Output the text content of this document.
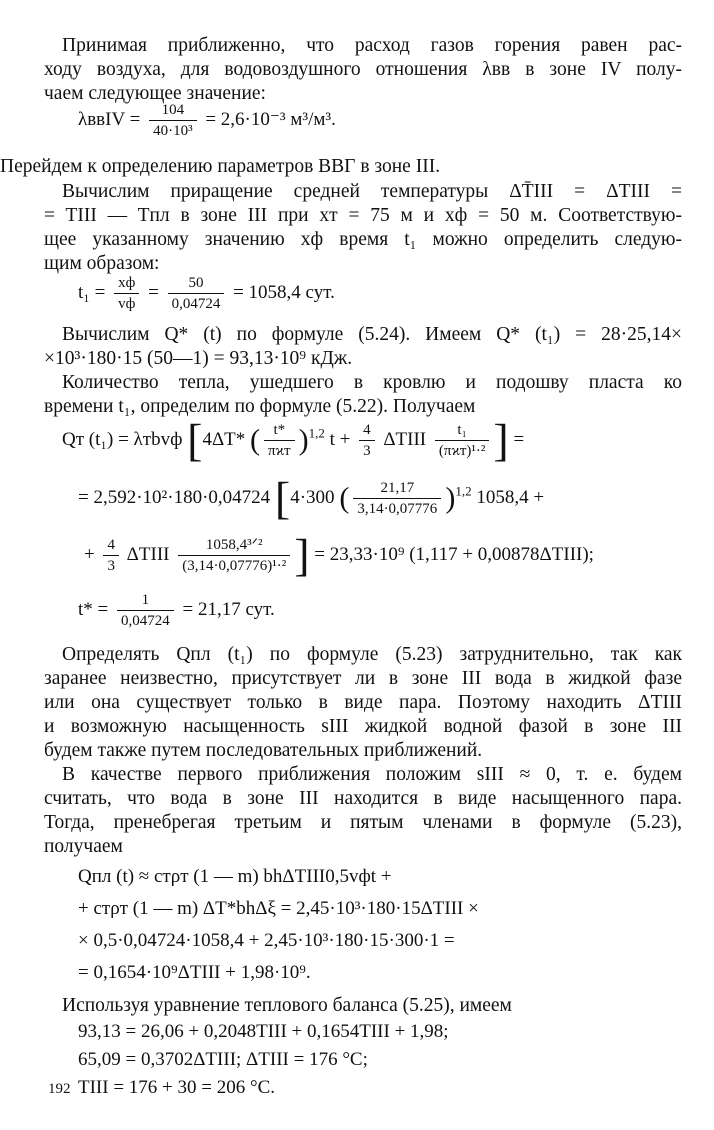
Принимая приближенно, что расход газов горения равен рас-
ходу воздуха, для водовоздушного отношения λвв в зоне IV полу-
чаем следующее значение:
λввIV = $\frac{104}{\text{40·10³}} = 2,6\cdot 10^{-3}$ м³/м³.
Перейдем к определению параметров ВВГ в зоне III.
Вычислим приращение средней температуры ΔT̄III = ΔTIII =
= TIII — Tпл в зоне III при xт = 75 м и xф = 50 м. Соответствую-
щее указанному значению xф время t₁ можно определить следую-
щим образом:
$t_1 = \frac{xф}{vф} = \frac{50}{0,04724} = 1058,4$ сут.
Вычислим Q* (t) по формуле (5.24). Имеем Q* (t₁) = 28·25,14×
×10³·180·15 (50—1) = 93,13·10⁹ кДж.
Количество тепла, ушедшего в кровлю и подошву пласта ко
времени t₁, определим по формуле (5.22). Получаем
Qт (t₁) = λтbvф [4ΔT* ( $\frac{t*}{\text{πϰт}} )^{1,2}$ $t + \frac{4}{3}$ ΔTIII $\frac{\text{t₁}}{\text{(πϰт)¹·²}}$ ] =
= 2,592·10²·180·0,04724 [4·300 ( $\frac{21,17}{3,14\cdot 0,07776} )^{1,2}$ 1058,4 +
+ $\frac{4}{3}$ ΔTIII $\frac{\text{1058,4³ᐟ²}}{\text{(3,14·0,07776)¹·²}}$ ] = 23,33·10⁹ (1,117 + 0,00878ΔTIII);
$t* = \frac{1}{0,04724} = 21,17$ сут.
Определять Qпл (t₁) по формуле (5.23) затруднительно, так как
заранее неизвестно, присутствует ли в зоне III вода в жидкой фазе
или она существует только в виде пара. Поэтому находить ΔTIII
и возможную насыщенность sIII жидкой водной фазой в зоне III
будем также путем последовательных приближений.
В качестве первого приближения положим sIII ≈ 0, т. е. будем
считать, что вода в зоне III находится в виде насыщенного пара.
Тогда, пренебрегая третьим и пятым членами в формуле (5.23),
получаем
Qпл (t) ≈ cтρт (1 — m) bhΔTIII0,5vфt +
+ cтρт (1 — m) ΔT*bhΔξ = 2,45·10³·180·15ΔTIII ×
× 0,5·0,04724·1058,4 + 2,45·10³·180·15·300·1 =
= 0,1654·10⁹ΔTIII + 1,98·10⁹.
Используя уравнение теплового баланса (5.25), имеем
93,13 = 26,06 + 0,2048TIII + 0,1654TIII + 1,98;
65,09 = 0,3702ΔTIII; ΔTIII = 176 °C;
TIII = 176 + 30 = 206 °C.
192
